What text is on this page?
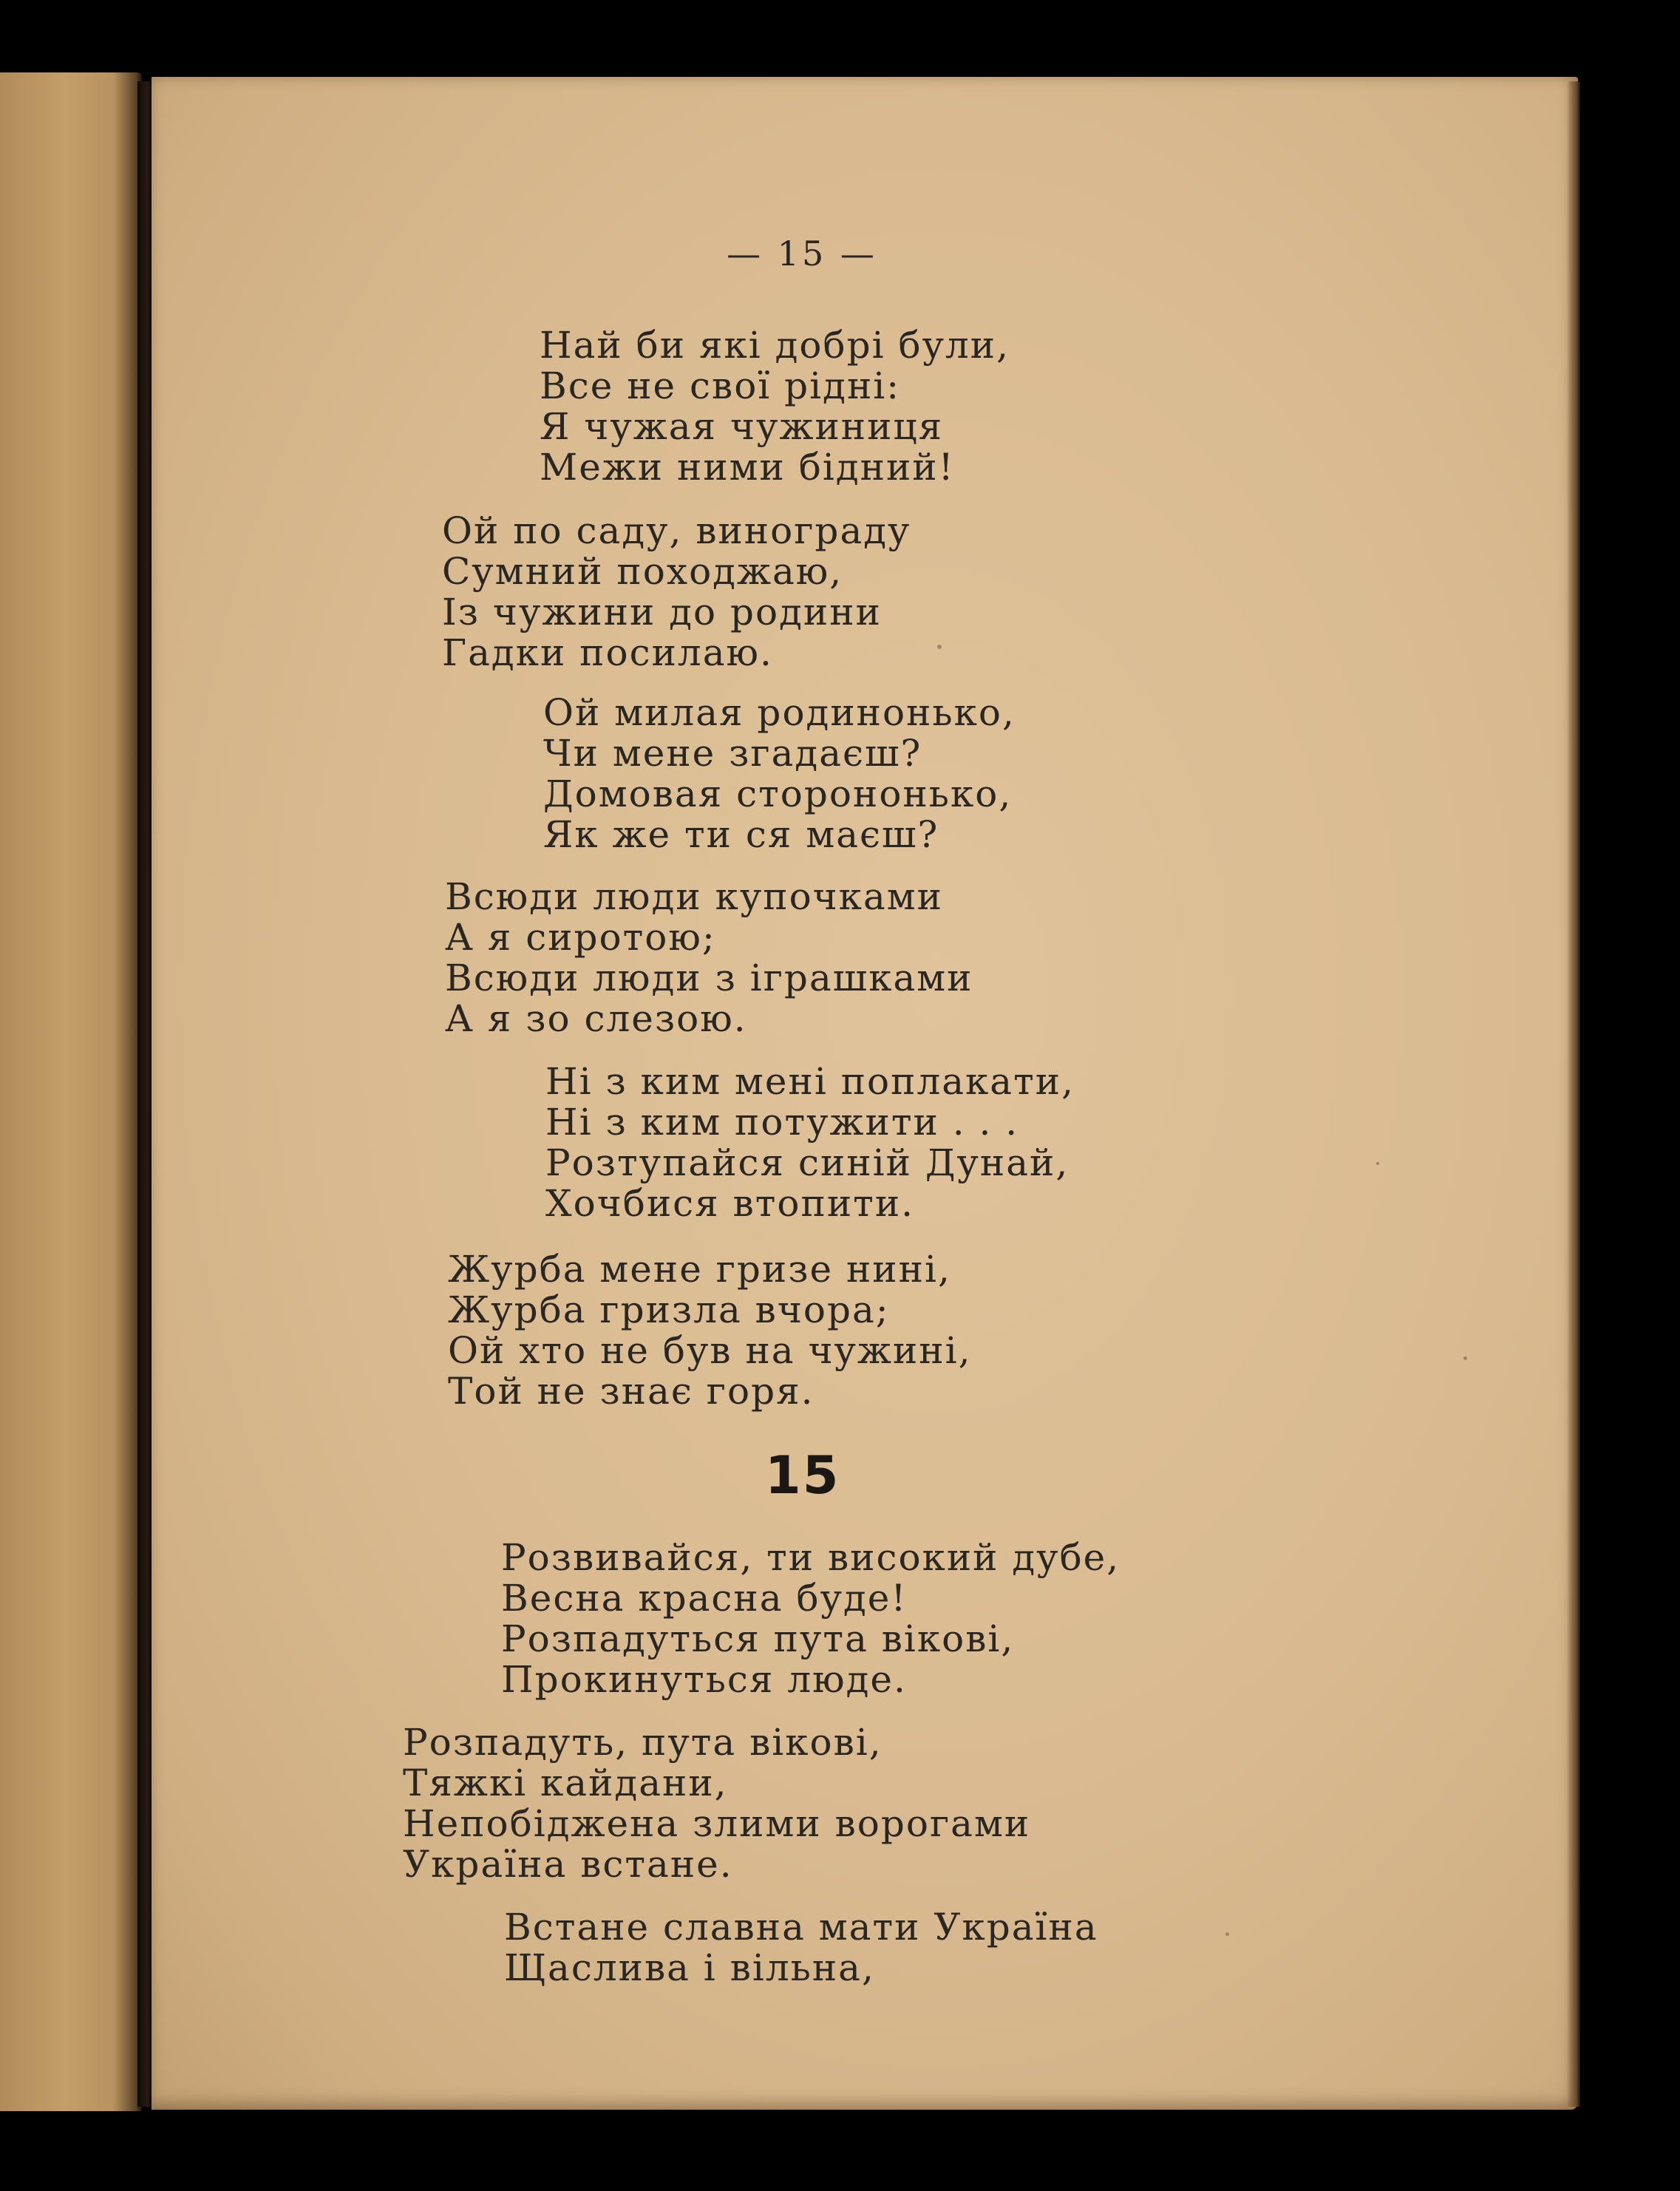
— 15 —
Най би які добрі були,
Все не свої рідні:
Я чужая чужиниця
Межи ними бідний!
Ой по саду, винограду
Сумний походжаю,
Із чужини до родини
Гадки посилаю.
Ой милая родинонько,
Чи мене згадаєш?
Домовая сторононько,
Як же ти ся маєш?
Всюди люди купочками
А я сиротою;
Всюди люди з іграшками
А я зо слезою.
Ні з ким мені поплакати,
Ні з ким потужити . . .
Розтупайся синій Дунай,
Хочбися втопити.
Журба мене гризе нині,
Журба гризла вчора;
Ой хто не був на чужині,
Той не знає горя.
15
Розвивайся, ти високий дубе,
Весна красна буде!
Розпадуться пута вікові,
Прокинуться люде.
Розпадуть, пута вікові,
Тяжкі кайдани,
Непобіджена злими ворогами
Україна встане.
Встане славна мати Україна
Щаслива і вільна,
